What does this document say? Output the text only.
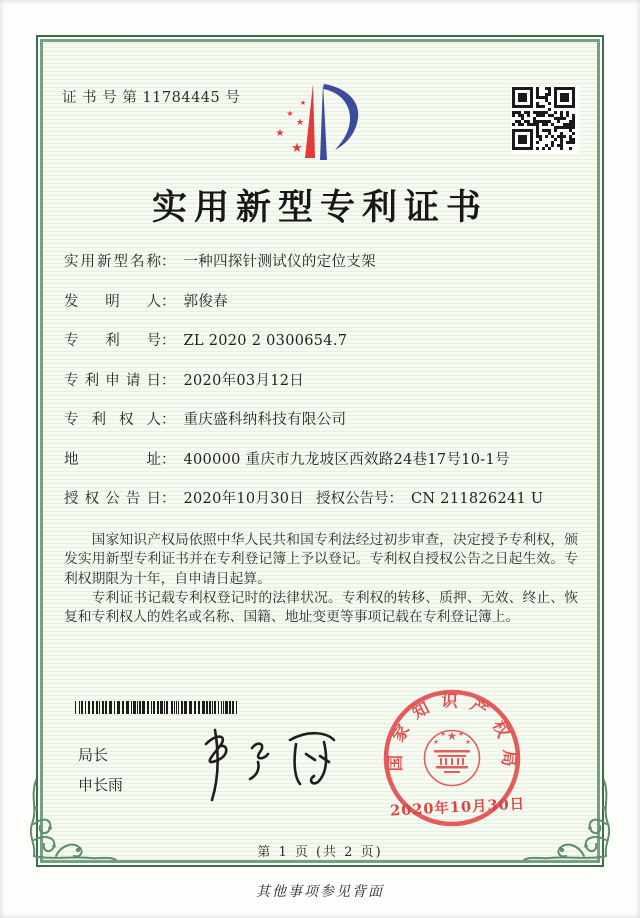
证 书 号 第 11784445 号	★
★
★
★
★
实用新型专利证书
实用新型名称： 一种四探针测试仪的定位支架
发明人： 郭俊春
专利号： ZL 2020 2 0300654.7
专利申请日： 2020年03月12日
专利权人： 重庆盛科纳科技有限公司
地址： 400000 重庆市九龙坡区西效路24巷17号10-1号
授权公告日： 2020年10月30日 授权公告号： CN 211826241 U

国家知识产权局依照中华人民共和国专利法经过初步审查，决定授予专利权，颁发实用新型专利证书并在专利登记簿上予以登记。专利权自授权公告之日起生效。专利权期限为十年，自申请日起算。

专利证书记载专利权登记时的法律状况。专利权的转移、质押、无效、终止、恢复和专利权人的姓名或名称、国籍、地址变更等事项记载在专利登记簿上。

局长
申长雨
国家知识产权局
★
★
★ ★
★
2020年10月30日
第 1 页 (共 2 页)
其他事项参见背面
